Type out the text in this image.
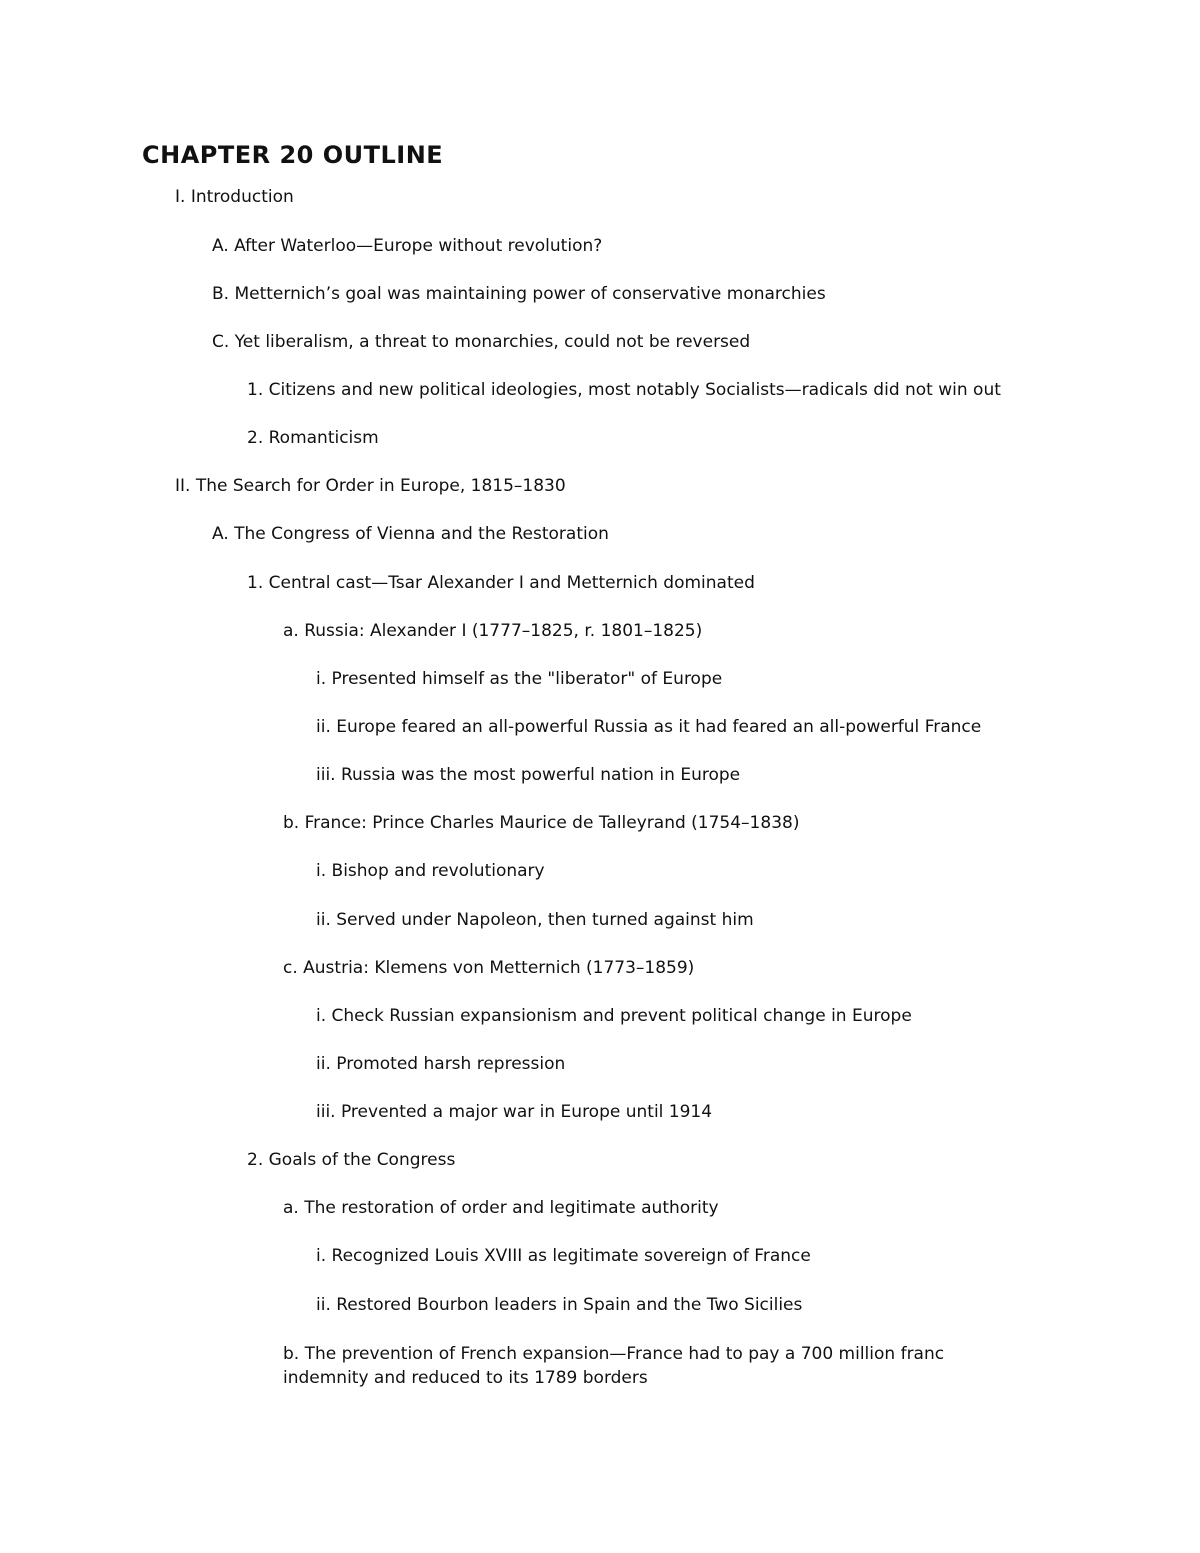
CHAPTER 20 OUTLINE

I. Introduction

A. After Waterloo—Europe without revolution?

B. Metternich’s goal was maintaining power of conservative monarchies

C. Yet liberalism, a threat to monarchies, could not be reversed

1. Citizens and new political ideologies, most notably Socialists—radicals did not win out

2. Romanticism

II. The Search for Order in Europe, 1815–1830

A. The Congress of Vienna and the Restoration

1. Central cast—Tsar Alexander I and Metternich dominated

a. Russia: Alexander I (1777–1825, r. 1801–1825)

i. Presented himself as the "liberator" of Europe

ii. Europe feared an all-powerful Russia as it had feared an all-powerful France

iii. Russia was the most powerful nation in Europe

b. France: Prince Charles Maurice de Talleyrand (1754–1838)

i. Bishop and revolutionary

ii. Served under Napoleon, then turned against him

c. Austria: Klemens von Metternich (1773–1859)

i. Check Russian expansionism and prevent political change in Europe

ii. Promoted harsh repression

iii. Prevented a major war in Europe until 1914

2. Goals of the Congress

a. The restoration of order and legitimate authority

i. Recognized Louis XVIII as legitimate sovereign of France

ii. Restored Bourbon leaders in Spain and the Two Sicilies

b. The prevention of French expansion—France had to pay a 700 million franc indemnity and reduced to its 1789 borders
